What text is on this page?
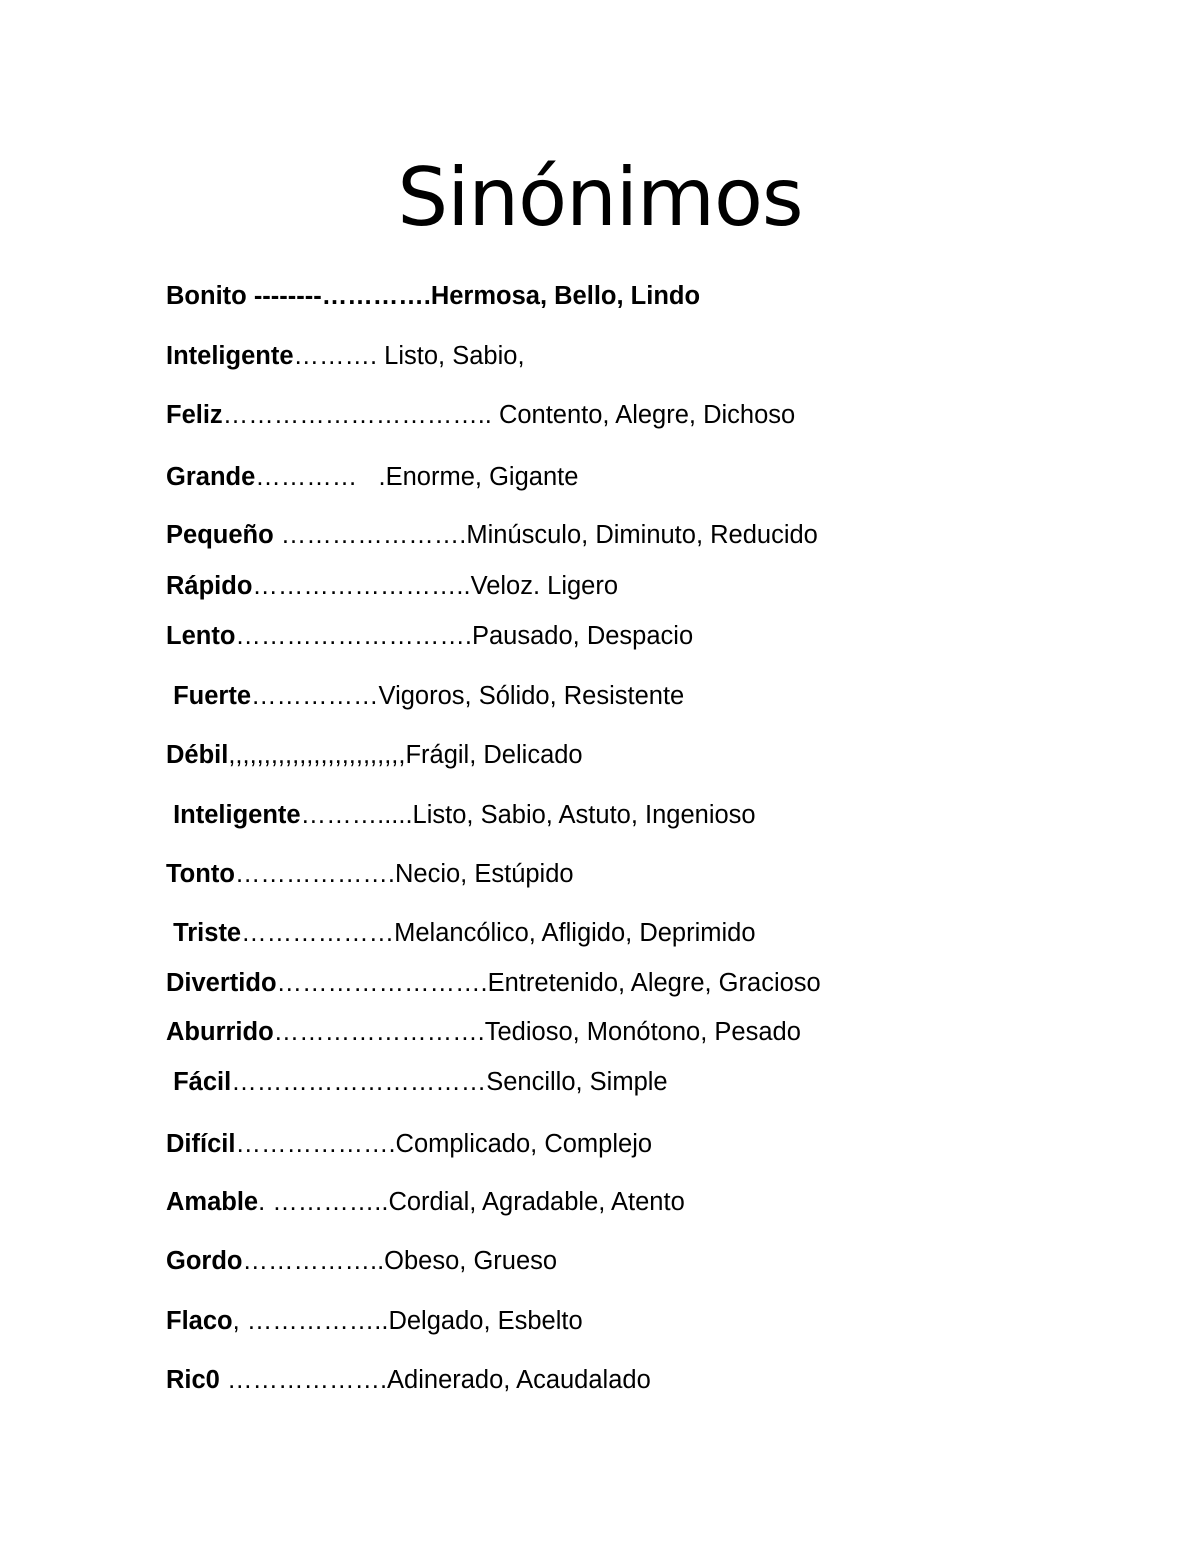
Sinónimos
Bonito --------………….Hermosa, Bello, Lindo
Inteligente………. Listo, Sabio,
Feliz………………………….. Contento, Alegre, Dichoso
Grande…………   .Enorme, Gigante
Pequeño ………………….Minúsculo, Diminuto, Reducido
Rápido……………………..Veloz. Ligero
Lento……………………….Pausado, Despacio
Fuerte……………Vigoros, Sólido, Resistente
Débil,,,,,,,,,,,,,,,,,,,,,,,,,Frágil, Delicado
Inteligente……….....Listo, Sabio, Astuto, Ingenioso
Tonto……………….Necio, Estúpido
Triste………………Melancólico, Afligido, Deprimido
Divertido…………………….Entretenido, Alegre, Gracioso
Aburrido…………………….Tedioso, Monótono, Pesado
Fácil…………………………Sencillo, Simple
Difícil……………….Complicado, Complejo
Amable. …………..Cordial, Agradable, Atento
Gordo……………..Obeso, Grueso
Flaco, ……………..Delgado, Esbelto
Ric0 ……………….Adinerado, Acaudalado
